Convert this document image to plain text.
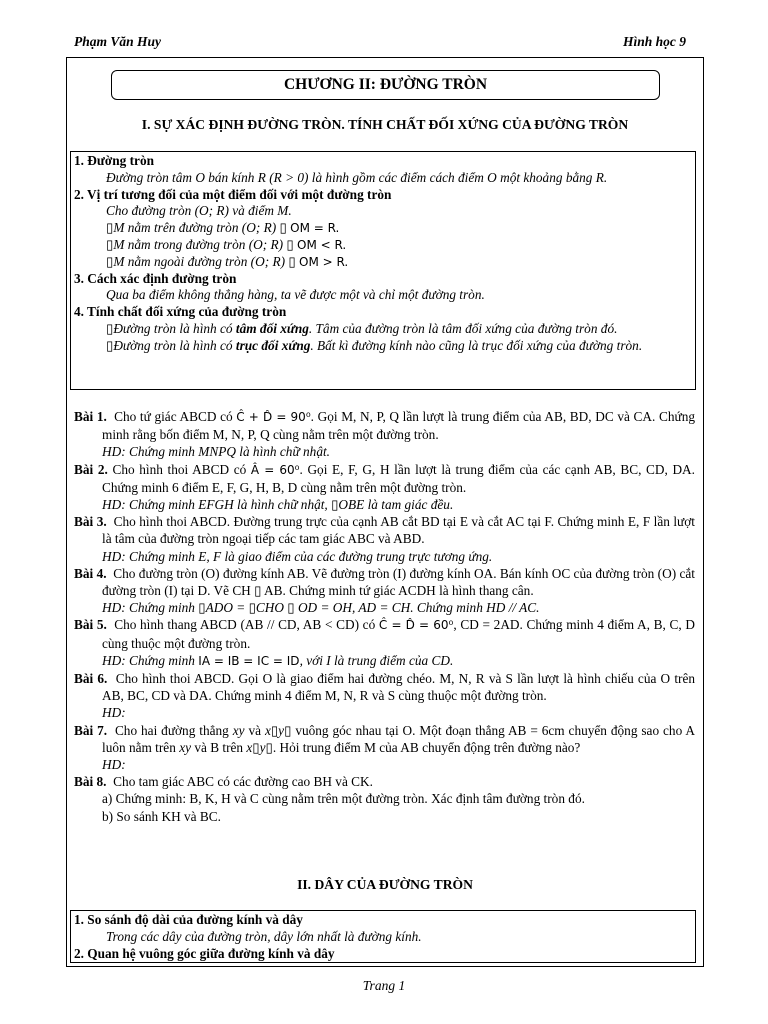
Phạm Văn Huy	Hình học 9
CHƯƠNG II: ĐƯỜNG TRÒN
I. SỰ XÁC ĐỊNH ĐƯỜNG TRÒN. TÍNH CHẤT ĐỐI XỨNG CỦA ĐƯỜNG TRÒN
1. Đường tròn
Đường tròn tâm O bán kính R (R > 0) là hình gồm các điểm cách điểm O một khoảng bằng R.
2. Vị trí tương đối của một điểm đối với một đường tròn
Cho đường tròn (O; R) và điểm M.
▯M nằm trên đường tròn (O; R) ▯ OM = R.
▯M nằm trong đường tròn (O; R) ▯ OM < R.
▯M nằm ngoài đường tròn (O; R) ▯ OM > R.
3. Cách xác định đường tròn
Qua ba điểm không thẳng hàng, ta vẽ được một và chỉ một đường tròn.
4. Tính chất đối xứng của đường tròn
▯Đường tròn là hình có tâm đối xứng. Tâm của đường tròn là tâm đối xứng của đường tròn đó.
▯Đường tròn là hình có trục đối xứng. Bất kì đường kính nào cũng là trục đối xứng của đường tròn.

Bài 1. Cho tứ giác ABCD có Ĉ + D̂ = 90⁰. Gọi M, N, P, Q lần lượt là trung điểm của AB, BD, DC và CA. Chứng minh rằng bốn điểm M, N, P, Q cùng nằm trên một đường tròn.

HD: Chứng minh MNPQ là hình chữ nhật.

Bài 2. Cho hình thoi ABCD có Â = 60⁰. Gọi E, F, G, H lần lượt là trung điểm của các cạnh AB, BC, CD, DA. Chứng minh 6 điểm E, F, G, H, B, D cùng nằm trên một đường tròn.

HD: Chứng minh EFGH là hình chữ nhật, ▯OBE là tam giác đều.

Bài 3. Cho hình thoi ABCD. Đường trung trực của cạnh AB cắt BD tại E và cắt AC tại F. Chứng minh E, F lần lượt là tâm của đường tròn ngoại tiếp các tam giác ABC và ABD.

HD: Chứng minh E, F là giao điểm của các đường trung trực tương ứng.

Bài 4. Cho đường tròn (O) đường kính AB. Vẽ đường tròn (I) đường kính OA. Bán kính OC của đường tròn (O) cắt đường tròn (I) tại D. Vẽ CH ▯ AB. Chứng minh tứ giác ACDH là hình thang cân.

HD: Chứng minh ▯ADO = ▯CHO ▯ OD = OH, AD = CH. Chứng minh HD // AC.

Bài 5. Cho hình thang ABCD (AB // CD, AB < CD) có Ĉ = D̂ = 60⁰, CD = 2AD. Chứng minh 4 điểm A, B, C, D cùng thuộc một đường tròn.

HD: Chứng minh IA = IB = IC = ID, với I là trung điểm của CD.

Bài 6. Cho hình thoi ABCD. Gọi O là giao điểm hai đường chéo. M, N, R và S lần lượt là hình chiếu của O trên AB, BC, CD và DA. Chứng minh 4 điểm M, N, R và S cùng thuộc một đường tròn.

HD:

Bài 7. Cho hai đường thẳng xy và x▯y▯ vuông góc nhau tại O. Một đoạn thẳng AB = 6cm chuyển động sao cho A luôn nằm trên xy và B trên x▯y▯. Hỏi trung điểm M của AB chuyển động trên đường nào?

HD:

Bài 8. Cho tam giác ABC có các đường cao BH và CK.

a) Chứng minh: B, K, H và C cùng nằm trên một đường tròn. Xác định tâm đường tròn đó.
b) So sánh KH và BC.
II. DÂY CỦA ĐƯỜNG TRÒN
1. So sánh độ dài của đường kính và dây
Trong các dây của đường tròn, dây lớn nhất là đường kính.
2. Quan hệ vuông góc giữa đường kính và dây
Trang 1
